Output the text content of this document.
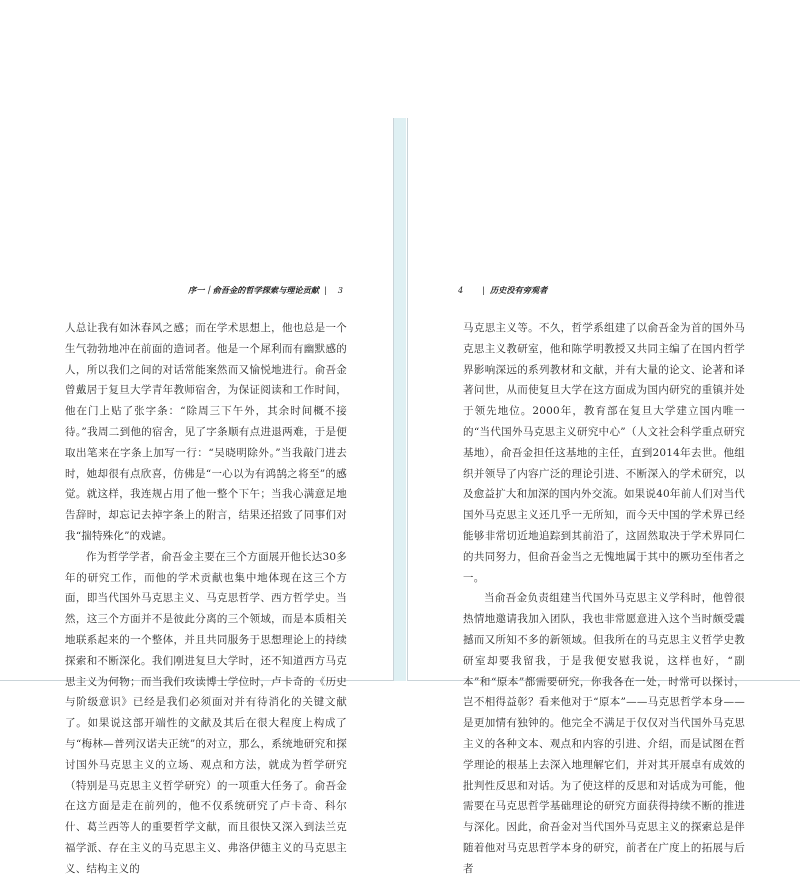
序一｜俞吾金的哲学探索与理论贡献 | 3

人总让我有如沐春风之感；而在学术思想上，他也总是一个生气勃勃地冲在前面的造词者。他是一个犀利而有幽默感的人，所以我们之间的对话常能案然而又愉悦地进行。俞吾金曾戴居于复旦大学青年教师宿舍，为保证阅读和工作时间，他在门上贴了张字条：“除周三下午外，其余时间概不接待。”我周二到他的宿舍，见了字条顺有点进退两难，于是便取出笔来在字条上加写一行：“吴晓明除外。”当我敲门进去时，她却很有点欣喜，仿佛是“一心以为有鸿鹄之将至”的感觉。就这样，我连规占用了他一整个下午；当我心满意足地告辞时，却忘记去掉字条上的附言，结果还招致了同事们对我“揣特殊化”的戏谑。

作为哲学学者，俞吾金主要在三个方面展开他长达30多年的研究工作，而他的学术贡献也集中地体现在这三个方面，即当代国外马克思主义、马克思哲学、西方哲学史。当然，这三个方面并不是彼此分离的三个领域，而是本质相关地联系起来的一个整体，并且共同服务于思想理论上的持续探索和不断深化。我们刚进复旦大学时，还不知道西方马克思主义为何物；而当我们攻读博士学位时，卢卡奇的《历史与阶级意识》已经是我们必须面对并有待消化的关键文献了。如果说这部开端性的文献及其后在很大程度上构成了与“梅林—普列汉诺夫正统”的对立，那么，系统地研究和探讨国外马克思主义的立场、观点和方法，就成为哲学研究（特别是马克思主义哲学研究）的一项重大任务了。俞吾金在这方面是走在前列的，他不仅系统研究了卢卡奇、科尔什、葛兰西等人的重要哲学文献，而且很快又深入到法兰克福学派、存在主义的马克思主义、弗洛伊德主义的马克思主义、结构主义的

4 | 历史没有旁观者

马克思主义等。不久，哲学系组建了以俞吾金为首的国外马克思主义教研室，他和陈学明教授又共同主编了在国内哲学界影响深远的系列教材和文献，并有大量的论文、论著和译著问世，从而使复旦大学在这方面成为国内研究的重镇并处于领先地位。2000年，教育部在复旦大学建立国内唯一的“当代国外马克思主义研究中心”（人文社会科学重点研究基地），俞吾金担任这基地的主任，直到2014年去世。他组织并领导了内容广泛的理论引进、不断深入的学术研究，以及愈益扩大和加深的国内外交流。如果说40年前人们对当代国外马克思主义还几乎一无所知，而今天中国的学术界已经能够非常切近地追踪到其前沿了，这固然取决于学术界同仁的共同努力，但俞吾金当之无愧地属于其中的厥功至伟者之一。

当俞吾金负责组建当代国外马克思主义学科时，他曾很热情地邀请我加入团队，我也非常愿意进入这个当时颇受震撼而又所知不多的新领域。但我所在的马克思主义哲学史教研室却要我留我，于是我便安慰我说，这样也好，“副本”和“原本”都需要研究，你我各在一处，时常可以探讨，岂不相得益彰？看来他对于“原本”——马克思哲学本身——是更加情有独钟的。他完全不满足于仅仅对当代国外马克思主义的各种文本、观点和内容的引进、介绍，而是试图在哲学理论的根基上去深入地理解它们，并对其开展卓有成效的批判性反思和对话。为了使这样的反思和对话成为可能，他需要在马克思哲学基础理论的研究方面获得持续不断的推进与深化。因此，俞吾金对当代国外马克思主义的探索总是伴随着他对马克思哲学本身的研究，前者在广度上的拓展与后者
